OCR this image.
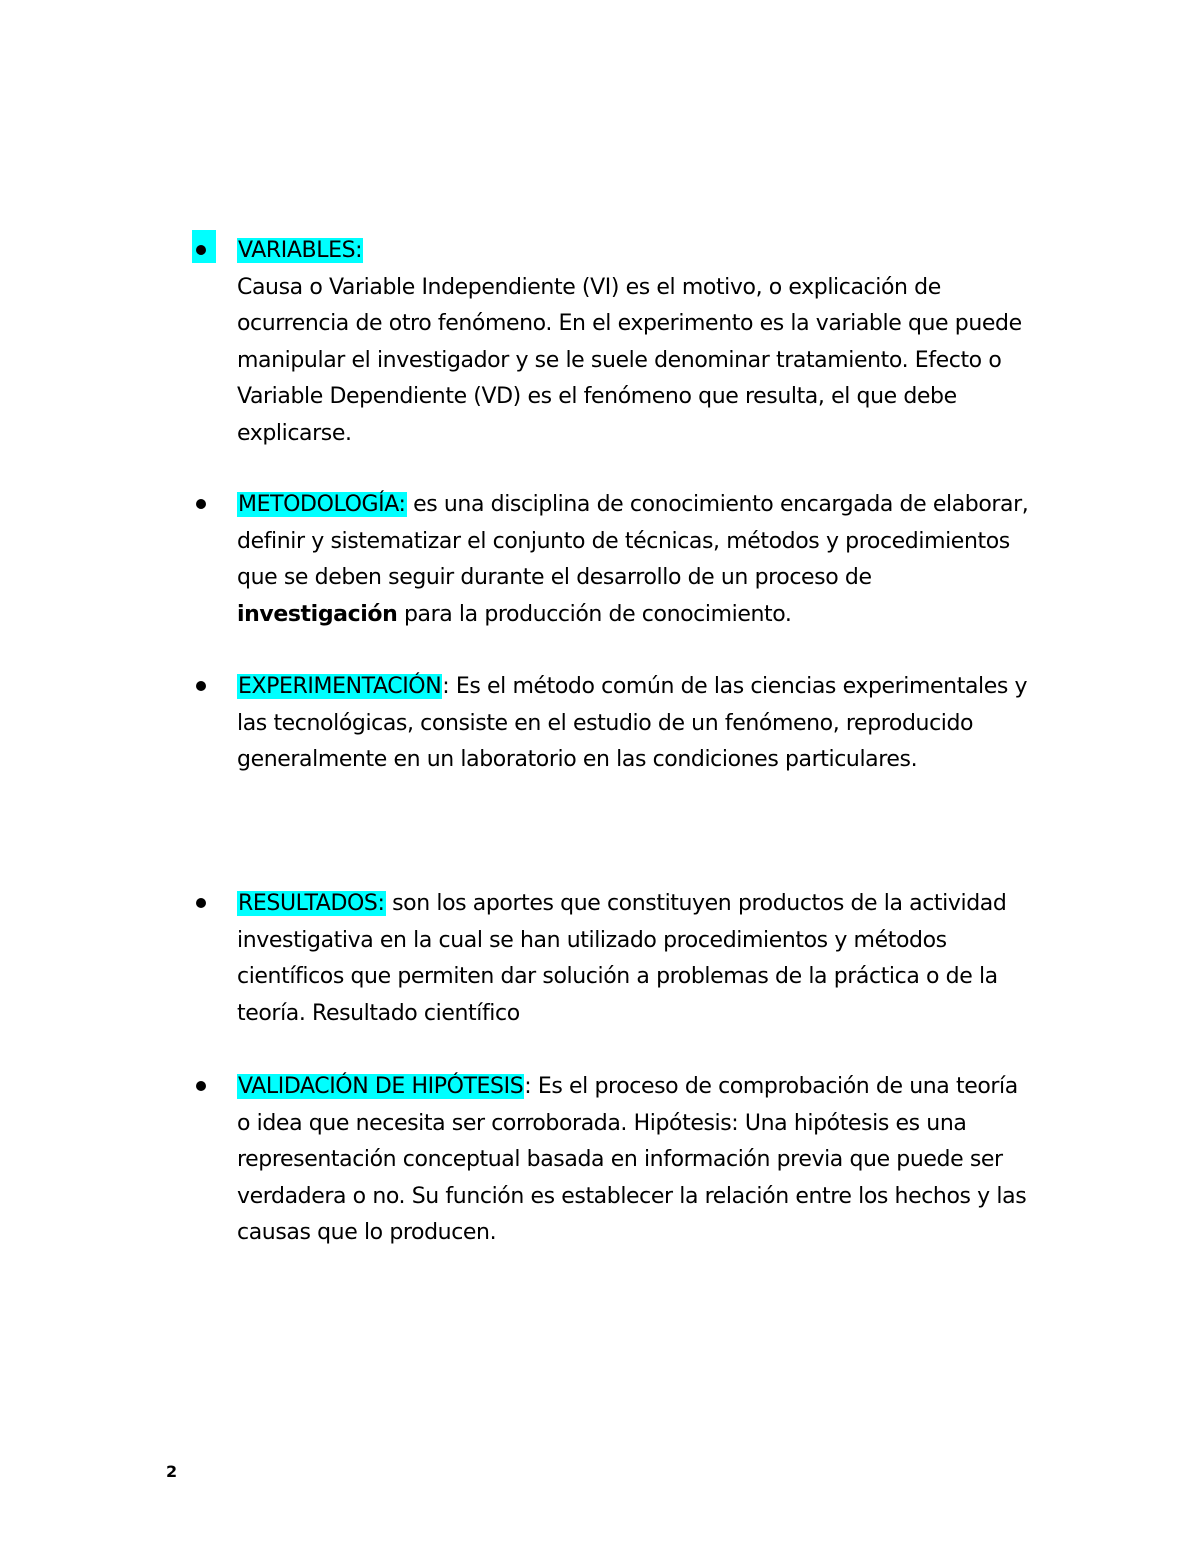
VARIABLES:
Causa o Variable Independiente (VI) es el motivo, o explicación de ocurrencia de otro fenómeno. En el experimento es la variable que puede manipular el investigador y se le suele denominar tratamiento. Efecto o Variable Dependiente (VD) es el fenómeno que resulta, el que debe explicarse.
METODOLOGÍA: es una disciplina de conocimiento encargada de elaborar, definir y sistematizar el conjunto de técnicas, métodos y procedimientos que se deben seguir durante el desarrollo de un proceso de investigación para la producción de conocimiento.
EXPERIMENTACIÓN: Es el método común de las ciencias experimentales y las tecnológicas, consiste en el estudio de un fenómeno, reproducido generalmente en un laboratorio en las condiciones particulares.
RESULTADOS: son los aportes que constituyen productos de la actividad investigativa en la cual se han utilizado procedimientos y métodos científicos que permiten dar solución a problemas de la práctica o de la teoría. Resultado científico
VALIDACIÓN DE HIPÓTESIS: Es el proceso de comprobación de una teoría o idea que necesita ser corroborada. Hipótesis: Una hipótesis es una representación conceptual basada en información previa que puede ser verdadera o no. Su función es establecer la relación entre los hechos y las causas que lo producen.
2
